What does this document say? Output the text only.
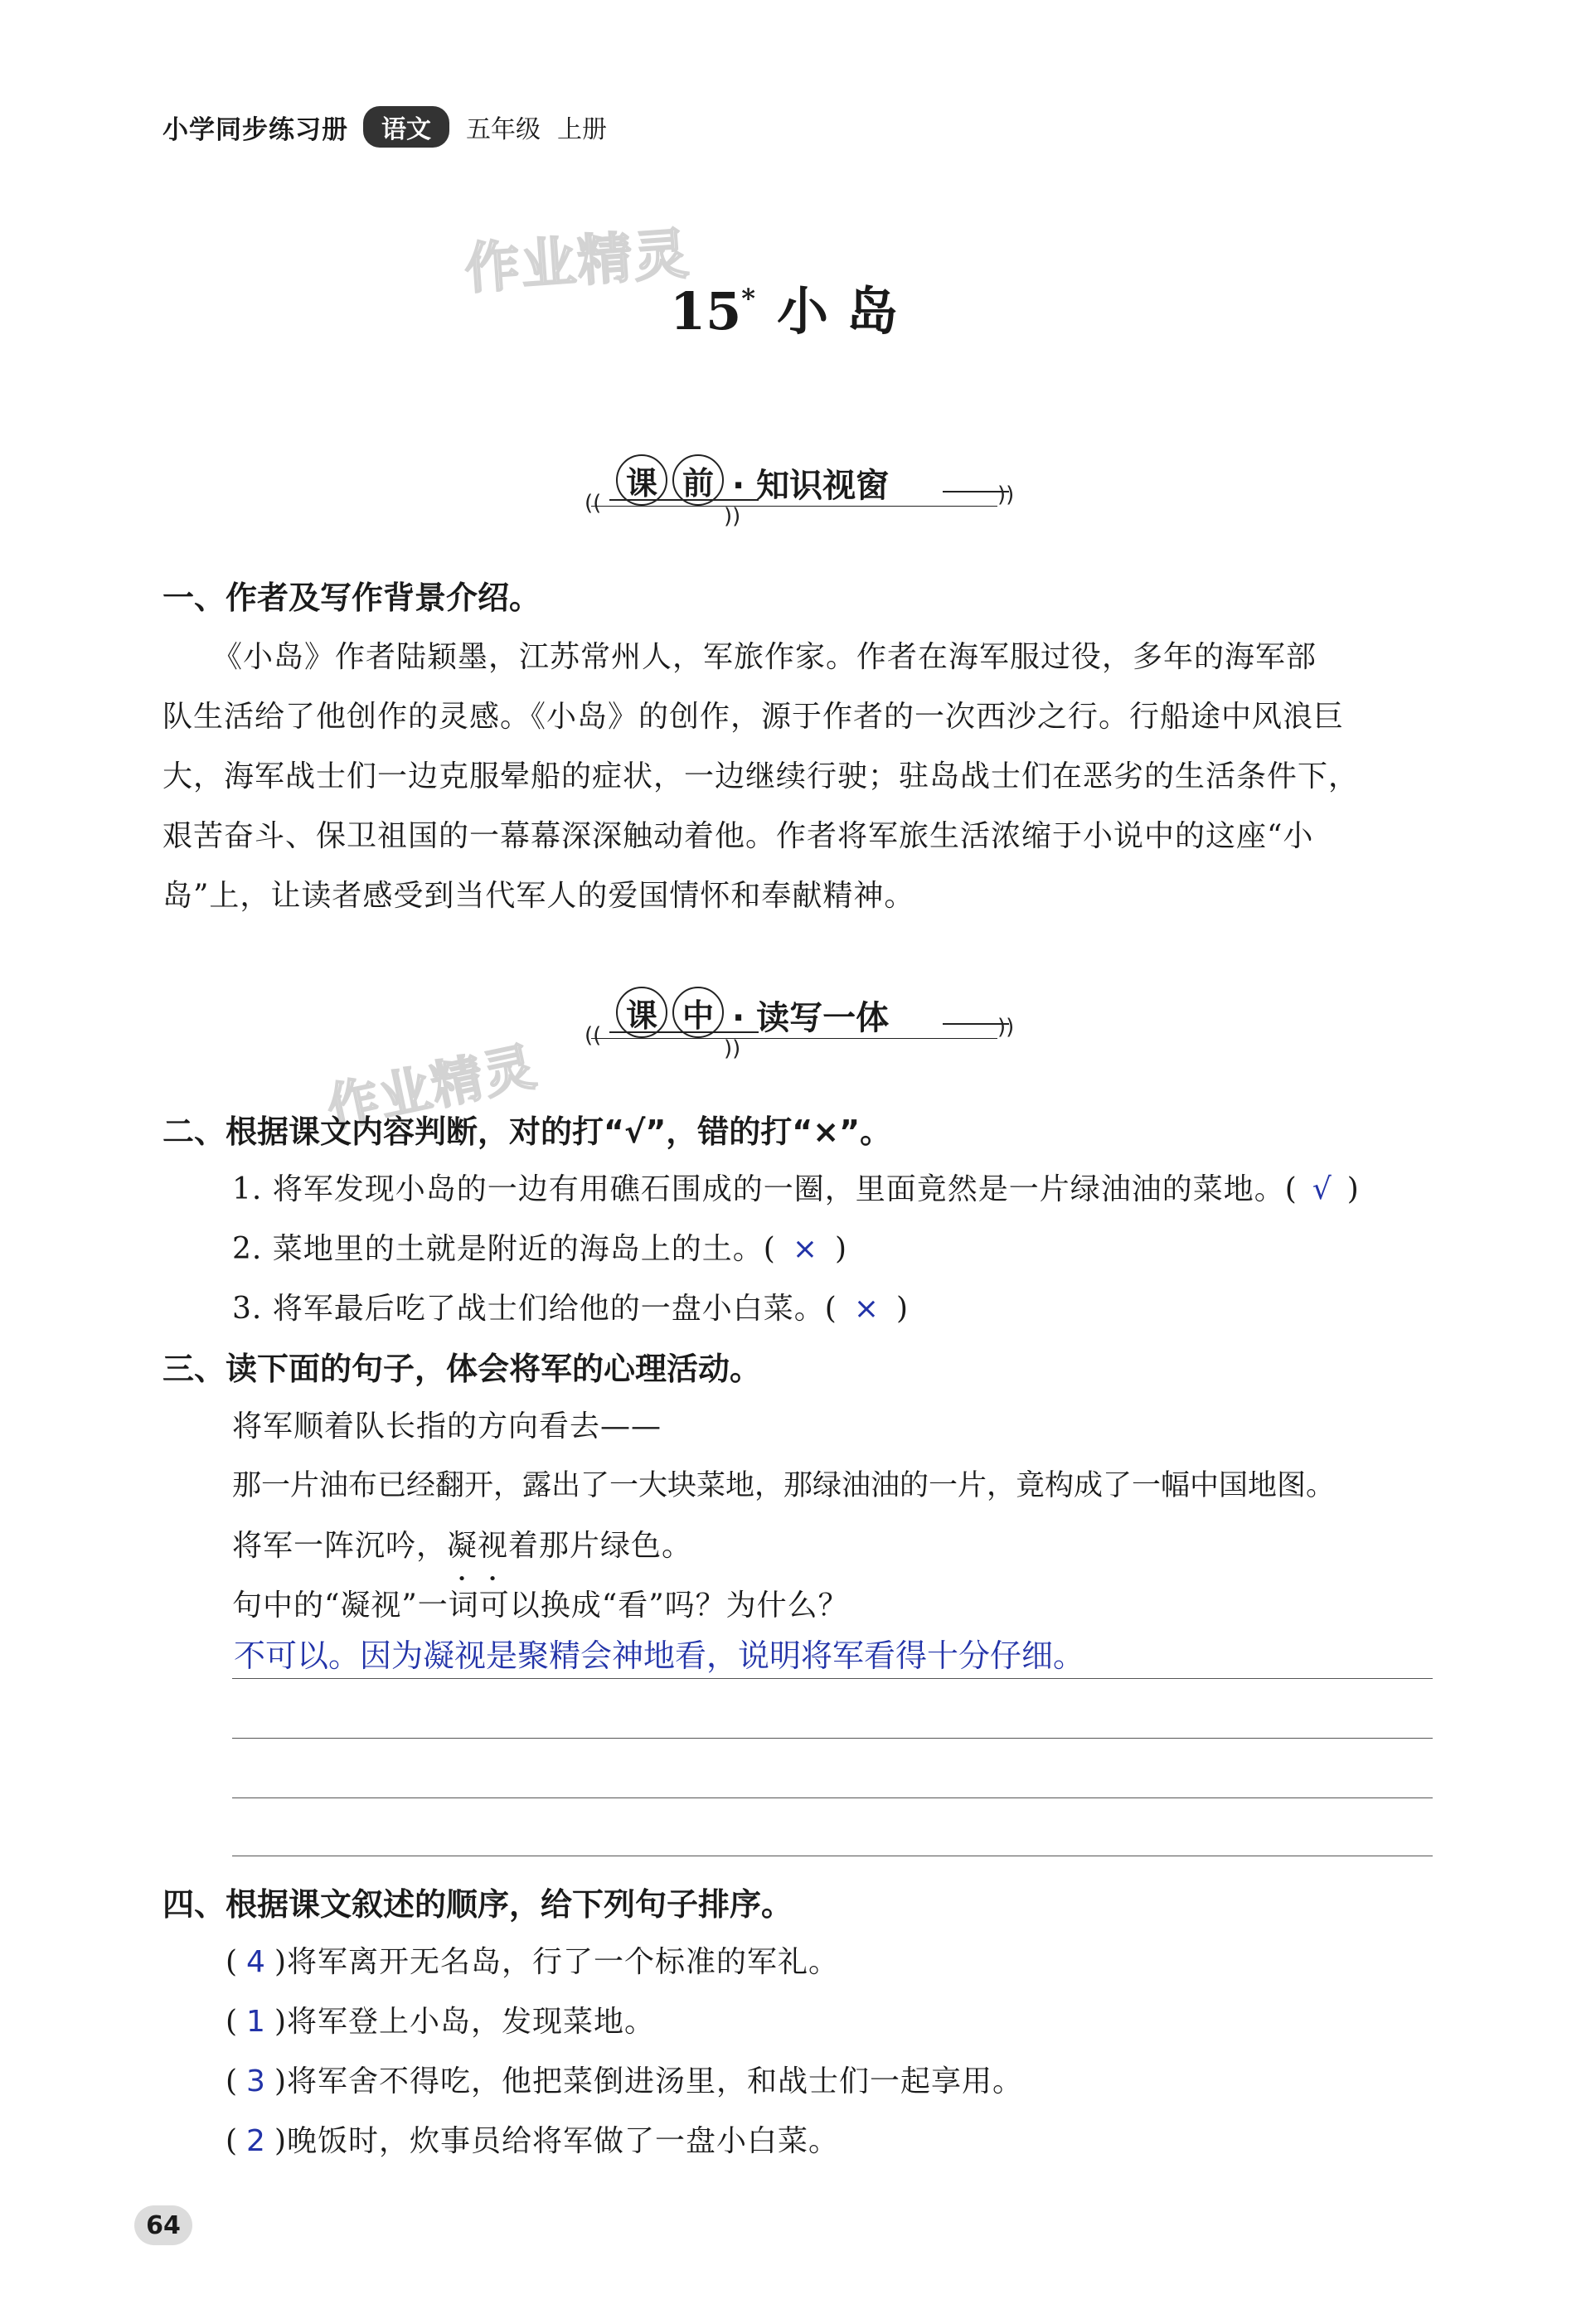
小学同步练习册	语文	五年级 上册
作业精灵
作业精灵
15* 小 岛
课 前 · 知识视窗
((
))
))
一、作者及写作背景介绍。
《小岛》作者陆颖墨，江苏常州人，军旅作家。作者在海军服过役，多年的海军部
队生活给了他创作的灵感。《小岛》的创作，源于作者的一次西沙之行。行船途中风浪巨
大，海军战士们一边克服晕船的症状，一边继续行驶；驻岛战士们在恶劣的生活条件下，
艰苦奋斗、保卫祖国的一幕幕深深触动着他。作者将军旅生活浓缩于小说中的这座“小
岛”上，让读者感受到当代军人的爱国情怀和奉献精神。
课 中 · 读写一体
((
))
))
二、根据课文内容判断，对的打“√”，错的打“×”。
1. 将军发现小岛的一边有用礁石围成的一圈，里面竟然是一片绿油油的菜地。( √ )
2. 菜地里的土就是附近的海岛上的土。( × )
3. 将军最后吃了战士们给他的一盘小白菜。( × )
三、读下面的句子，体会将军的心理活动。
将军顺着队长指的方向看去——
那一片油布已经翻开，露出了一大块菜地，那绿油油的一片，竟构成了一幅中国地图。
将军一阵沉吟，凝视着那片绿色。
句中的“凝视”一词可以换成“看”吗？为什么？
不可以。因为凝视是聚精会神地看，说明将军看得十分仔细。
四、根据课文叙述的顺序，给下列句子排序。
( 4 )将军离开无名岛，行了一个标准的军礼。
( 1 )将军登上小岛，发现菜地。
( 3 )将军舍不得吃，他把菜倒进汤里，和战士们一起享用。
( 2 )晚饭时，炊事员给将军做了一盘小白菜。
64
